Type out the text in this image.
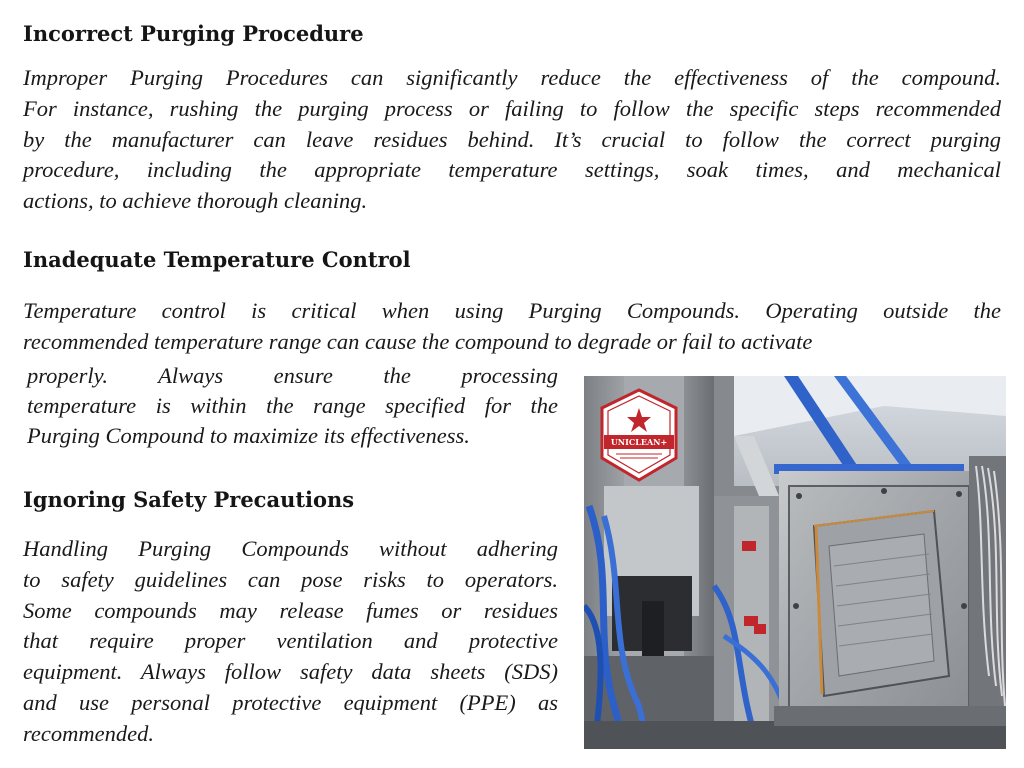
Incorrect Purging Procedure
Improper Purging Procedures can significantly reduce the effectiveness of the compound.
For instance, rushing the purging process or failing to follow the specific steps recommended
by the manufacturer can leave residues behind. It’s crucial to follow the correct purging
procedure, including the appropriate temperature settings, soak times, and mechanical
actions, to achieve thorough cleaning.
Inadequate Temperature Control
Temperature control is critical when using Purging Compounds. Operating outside the
recommended temperature range can cause the compound to degrade or fail to activate
properly. Always ensure the processing
temperature is within the range specified for the
Purging Compound to maximize its effectiveness.
Ignoring Safety Precautions
Handling Purging Compounds without adhering
to safety guidelines can pose risks to operators.
Some compounds may release fumes or residues
that require proper ventilation and protective
equipment. Always follow safety data sheets (SDS)
and use personal protective equipment (PPE) as
recommended.
UNICLEAN+
